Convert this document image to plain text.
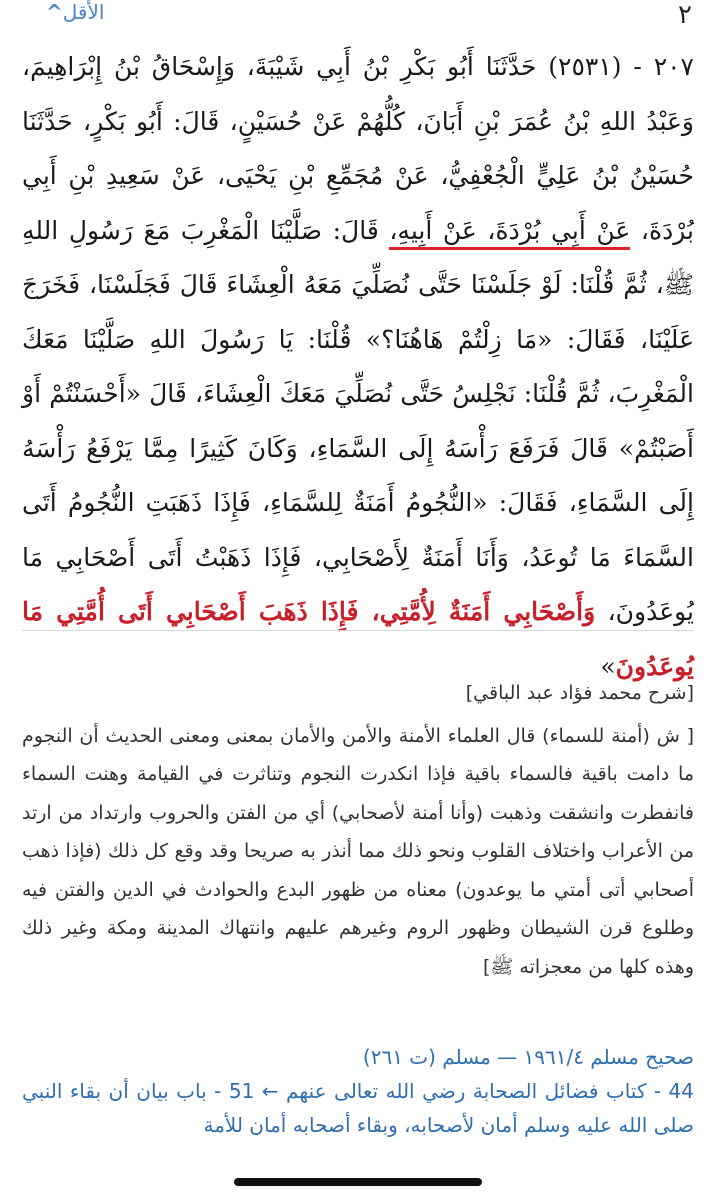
٢
الأقل^
٢٠٧ - (٢٥٣١) حَدَّثَنَا أَبُو بَكْرِ بْنُ أَبِي شَيْبَةَ، وَإِسْحَاقُ بْنُ إِبْرَاهِيمَ، وَعَبْدُ اللهِ بْنُ عُمَرَ بْنِ أَبَانَ، كُلُّهُمْ عَنْ حُسَيْنٍ، قَالَ: أَبُو بَكْرٍ، حَدَّثَنَا حُسَيْنُ بْنُ عَلِيٍّ الْجُعْفِيُّ، عَنْ مُجَمِّعِ بْنِ يَحْيَى، عَنْ سَعِيدِ بْنِ أَبِي بُرْدَةَ، عَنْ أَبِي بُرْدَةَ، عَنْ أَبِيهِ، قَالَ: صَلَّيْنَا الْمَغْرِبَ مَعَ رَسُولِ اللهِ ﷺ، ثُمَّ قُلْنَا: لَوْ جَلَسْنَا حَتَّى نُصَلِّيَ مَعَهُ الْعِشَاءَ قَالَ فَجَلَسْنَا، فَخَرَجَ عَلَيْنَا، فَقَالَ: «مَا زِلْتُمْ هَاهُنَا؟» قُلْنَا: يَا رَسُولَ اللهِ صَلَّيْنَا مَعَكَ الْمَغْرِبَ، ثُمَّ قُلْنَا: نَجْلِسُ حَتَّى نُصَلِّيَ مَعَكَ الْعِشَاءَ، قَالَ «أَحْسَنْتُمْ أَوْ أَصَبْتُمْ» قَالَ فَرَفَعَ رَأْسَهُ إِلَى السَّمَاءِ، وَكَانَ كَثِيرًا مِمَّا يَرْفَعُ رَأْسَهُ إِلَى السَّمَاءِ، فَقَالَ: «النُّجُومُ أَمَنَةٌ لِلسَّمَاءِ، فَإِذَا ذَهَبَتِ النُّجُومُ أَتَى السَّمَاءَ مَا تُوعَدُ، وَأَنَا أَمَنَةٌ لِأَصْحَابِي، فَإِذَا ذَهَبْتُ أَتَى أَصْحَابِي مَا يُوعَدُونَ، وَأَصْحَابِي أَمَنَةٌ لِأُمَّتِي، فَإِذَا ذَهَبَ أَصْحَابِي أَتَى أُمَّتِي مَا يُوعَدُونَ»
[شرح محمد فؤاد عبد الباقي]
[ ش (أمنة للسماء) قال العلماء الأمنة والأمن والأمان بمعنى ومعنى الحديث أن النجوم ما دامت باقية فالسماء باقية فإذا انكدرت النجوم وتناثرت في القيامة وهنت السماء فانفطرت وانشقت وذهبت (وأنا أمنة لأصحابي) أي من الفتن والحروب وارتداد من ارتد من الأعراب واختلاف القلوب ونحو ذلك مما أنذر به صريحا وقد وقع كل ذلك (فإذا ذهب أصحابي أتى أمتي ما يوعدون) معناه من ظهور البدع والحوادث في الدين والفتن فيه وطلوع قرن الشيطان وظهور الروم وغيرهم عليهم وانتهاك المدينة ومكة وغير ذلك وهذه كلها من معجزاته ﷺ]
صحيح مسلم ١٩٦١/٤ — مسلم (ت ٢٦١)
44 - كتاب فضائل الصحابة رضي الله تعالى عنهم ← 51 - باب بيان أن بقاء النبي صلى الله عليه وسلم أمان لأصحابه، وبقاء أصحابه أمان للأمة
